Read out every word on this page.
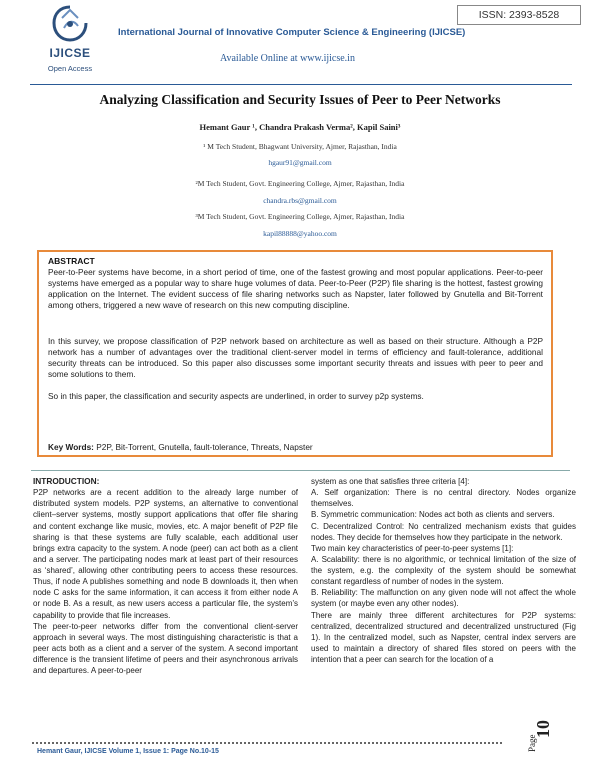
IJICSE
Open Access
ISSN: 2393-8528
International Journal of Innovative Computer Science & Engineering (IJICSE)
Available Online at www.ijicse.in
Analyzing Classification and Security Issues of Peer to Peer Networks
Hemant Gaur ¹, Chandra Prakash Verma², Kapil Saini³
¹ M Tech Student, Bhagwant University, Ajmer, Rajasthan, India
hgaur91@gmail.com
²M Tech Student, Govt. Engineering College, Ajmer, Rajasthan, India
chandra.rbs@gmail.com
³M Tech Student, Govt. Engineering College, Ajmer, Rajasthan, India
kapil88888@yahoo.com
ABSTRACT
Peer-to-Peer systems have become, in a short period of time, one of the fastest growing and most popular applications. Peer-to-peer systems have emerged as a popular way to share huge volumes of data. Peer-to-Peer (P2P) file sharing is the hottest, fastest growing application on the Internet. The evident success of file sharing networks such as Napster, later followed by Gnutella and Bit-Torrent among others, triggered a new wave of research on this new computing discipline.
In this survey, we propose classification of P2P network based on architecture as well as based on their structure. Although a P2P network has a number of advantages over the traditional client-server model in terms of efficiency and fault-tolerance, additional security threats can be introduced. So this paper also discusses some important security threats and issues with peer to peer and some solutions to them.
So in this paper, the classification and security aspects are underlined, in order to survey p2p systems.
Key Words: P2P, Bit-Torrent, Gnutella, fault-tolerance, Threats, Napster

INTRODUCTION:

P2P networks are a recent addition to the already large number of distributed system models. P2P systems, an alternative to conventional client–server systems, mostly support applications that offer file sharing and content exchange like music, movies, etc. A major benefit of P2P file sharing is that these systems are fully scalable, each additional user brings extra capacity to the system. A node (peer) can act both as a client and a server. The participating nodes mark at least part of their resources as ‘shared’, allowing other contributing peers to access these resources. Thus, if node A publishes something and node B downloads it, then when node C asks for the same information, it can access it from either node A or node B. As a result, as new users access a particular file, the system’s capability to provide that file increases.

The peer-to-peer networks differ from the conventional client-server approach in several ways. The most distinguishing characteristic is that a peer acts both as a client and a server of the system. A second important difference is the transient lifetime of peers and their asynchronous arrivals and departures. A peer-to-peer

system as one that satisfies three criteria [4]:

A. Self organization: There is no central directory. Nodes organize themselves.

B. Symmetric communication: Nodes act both as clients and servers.

C. Decentralized Control: No centralized mechanism exists that guides nodes. They decide for themselves how they participate in the network.

Two main key characteristics of peer-to-peer systems [1]:

A. Scalability: there is no algorithmic, or technical limitation of the size of the system, e.g. the complexity of the system should be somewhat constant regardless of number of nodes in the system.

B. Reliability: The malfunction on any given node will not affect the whole system (or maybe even any other nodes).

There are mainly three different architectures for P2P systems: centralized, decentralized structured and decentralized unstructured (Fig 1). In the centralized model, such as Napster, central index servers are used to maintain a directory of shared files stored on peers with the intention that a peer can search for the location of a

Hemant Gaur, IJICSE Volume 1, Issue 1: Page No.10-15	Page
10
